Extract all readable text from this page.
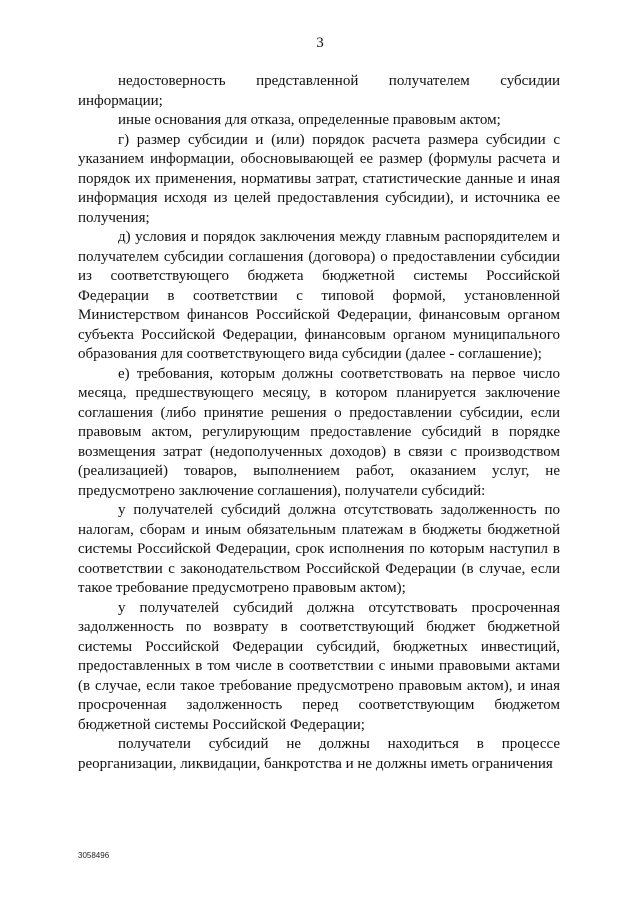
3

недостоверность представленной получателем субсидии информации;

иные основания для отказа, определенные правовым актом;

г) размер субсидии и (или) порядок расчета размера субсидии с указанием информации, обосновывающей ее размер (формулы расчета и порядок их применения, нормативы затрат, статистические данные и иная информация исходя из целей предоставления субсидии), и источника ее получения;

д) условия и порядок заключения между главным распорядителем и получателем субсидии соглашения (договора) о предоставлении субсидии из соответствующего бюджета бюджетной системы Российской Федерации в соответствии с типовой формой, установленной Министерством финансов Российской Федерации, финансовым органом субъекта Российской Федерации, финансовым органом муниципального образования для соответствующего вида субсидии (далее - соглашение);

е) требования, которым должны соответствовать на первое число месяца, предшествующего месяцу, в котором планируется заключение соглашения (либо принятие решения о предоставлении субсидии, если правовым актом, регулирующим предоставление субсидий в порядке возмещения затрат (недополученных доходов) в связи с производством (реализацией) товаров, выполнением работ, оказанием услуг, не предусмотрено заключение соглашения), получатели субсидий:

у получателей субсидий должна отсутствовать задолженность по налогам, сборам и иным обязательным платежам в бюджеты бюджетной системы Российской Федерации, срок исполнения по которым наступил в соответствии с законодательством Российской Федерации (в случае, если такое требование предусмотрено правовым актом);

у получателей субсидий должна отсутствовать просроченная задолженность по возврату в соответствующий бюджет бюджетной системы Российской Федерации субсидий, бюджетных инвестиций, предоставленных в том числе в соответствии с иными правовыми актами (в случае, если такое требование предусмотрено правовым актом), и иная просроченная задолженность перед соответствующим бюджетом бюджетной системы Российской Федерации;

получатели субсидий не должны находиться в процессе реорганизации, ликвидации, банкротства и не должны иметь ограничения

3058496
